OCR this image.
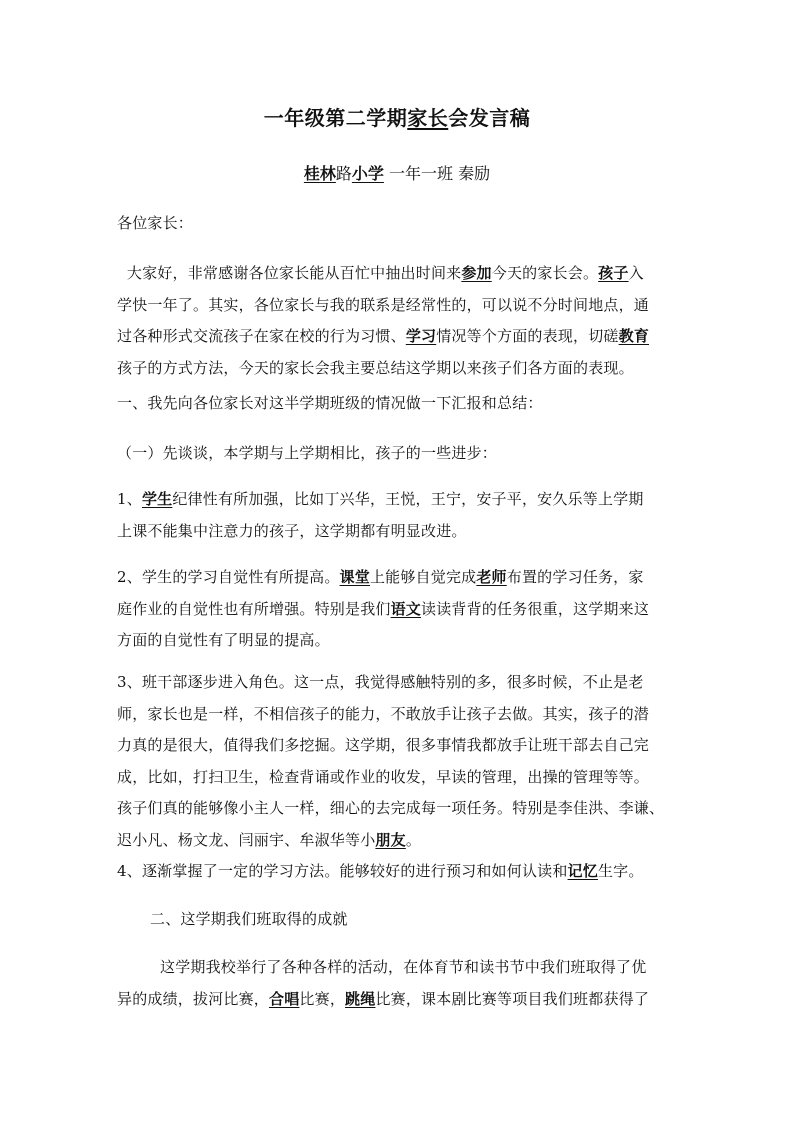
一年级第二学期家长会发言稿
桂林路小学 一年一班 秦励
各位家长：
大家好，非常感谢各位家长能从百忙中抽出时间来参加今天的家长会。孩子入
学快一年了。其实，各位家长与我的联系是经常性的，可以说不分时间地点，通
过各种形式交流孩子在家在校的行为习惯、学习情况等个方面的表现，切磋教育
孩子的方式方法，今天的家长会我主要总结这学期以来孩子们各方面的表现。
一、我先向各位家长对这半学期班级的情况做一下汇报和总结：
（一）先谈谈，本学期与上学期相比，孩子的一些进步：
1、学生纪律性有所加强，比如丁兴华，王悦，王宁，安子平，安久乐等上学期
上课不能集中注意力的孩子，这学期都有明显改进。
2、学生的学习自觉性有所提高。课堂上能够自觉完成老师布置的学习任务，家
庭作业的自觉性也有所增强。特别是我们语文读读背背的任务很重，这学期来这
方面的自觉性有了明显的提高。
3、班干部逐步进入角色。这一点，我觉得感触特别的多，很多时候，不止是老
师，家长也是一样，不相信孩子的能力，不敢放手让孩子去做。其实，孩子的潜
力真的是很大，值得我们多挖掘。这学期，很多事情我都放手让班干部去自己完
成，比如，打扫卫生，检查背诵或作业的收发，早读的管理，出操的管理等等。
孩子们真的能够像小主人一样，细心的去完成每一项任务。特别是李佳洪、李谦、
迟小凡、杨文龙、闫丽宇、牟淑华等小朋友。
4、逐渐掌握了一定的学习方法。能够较好的进行预习和如何认读和记忆生字。
二、这学期我们班取得的成就
这学期我校举行了各种各样的活动，在体育节和读书节中我们班取得了优
异的成绩，拔河比赛，合唱比赛，跳绳比赛，课本剧比赛等项目我们班都获得了
